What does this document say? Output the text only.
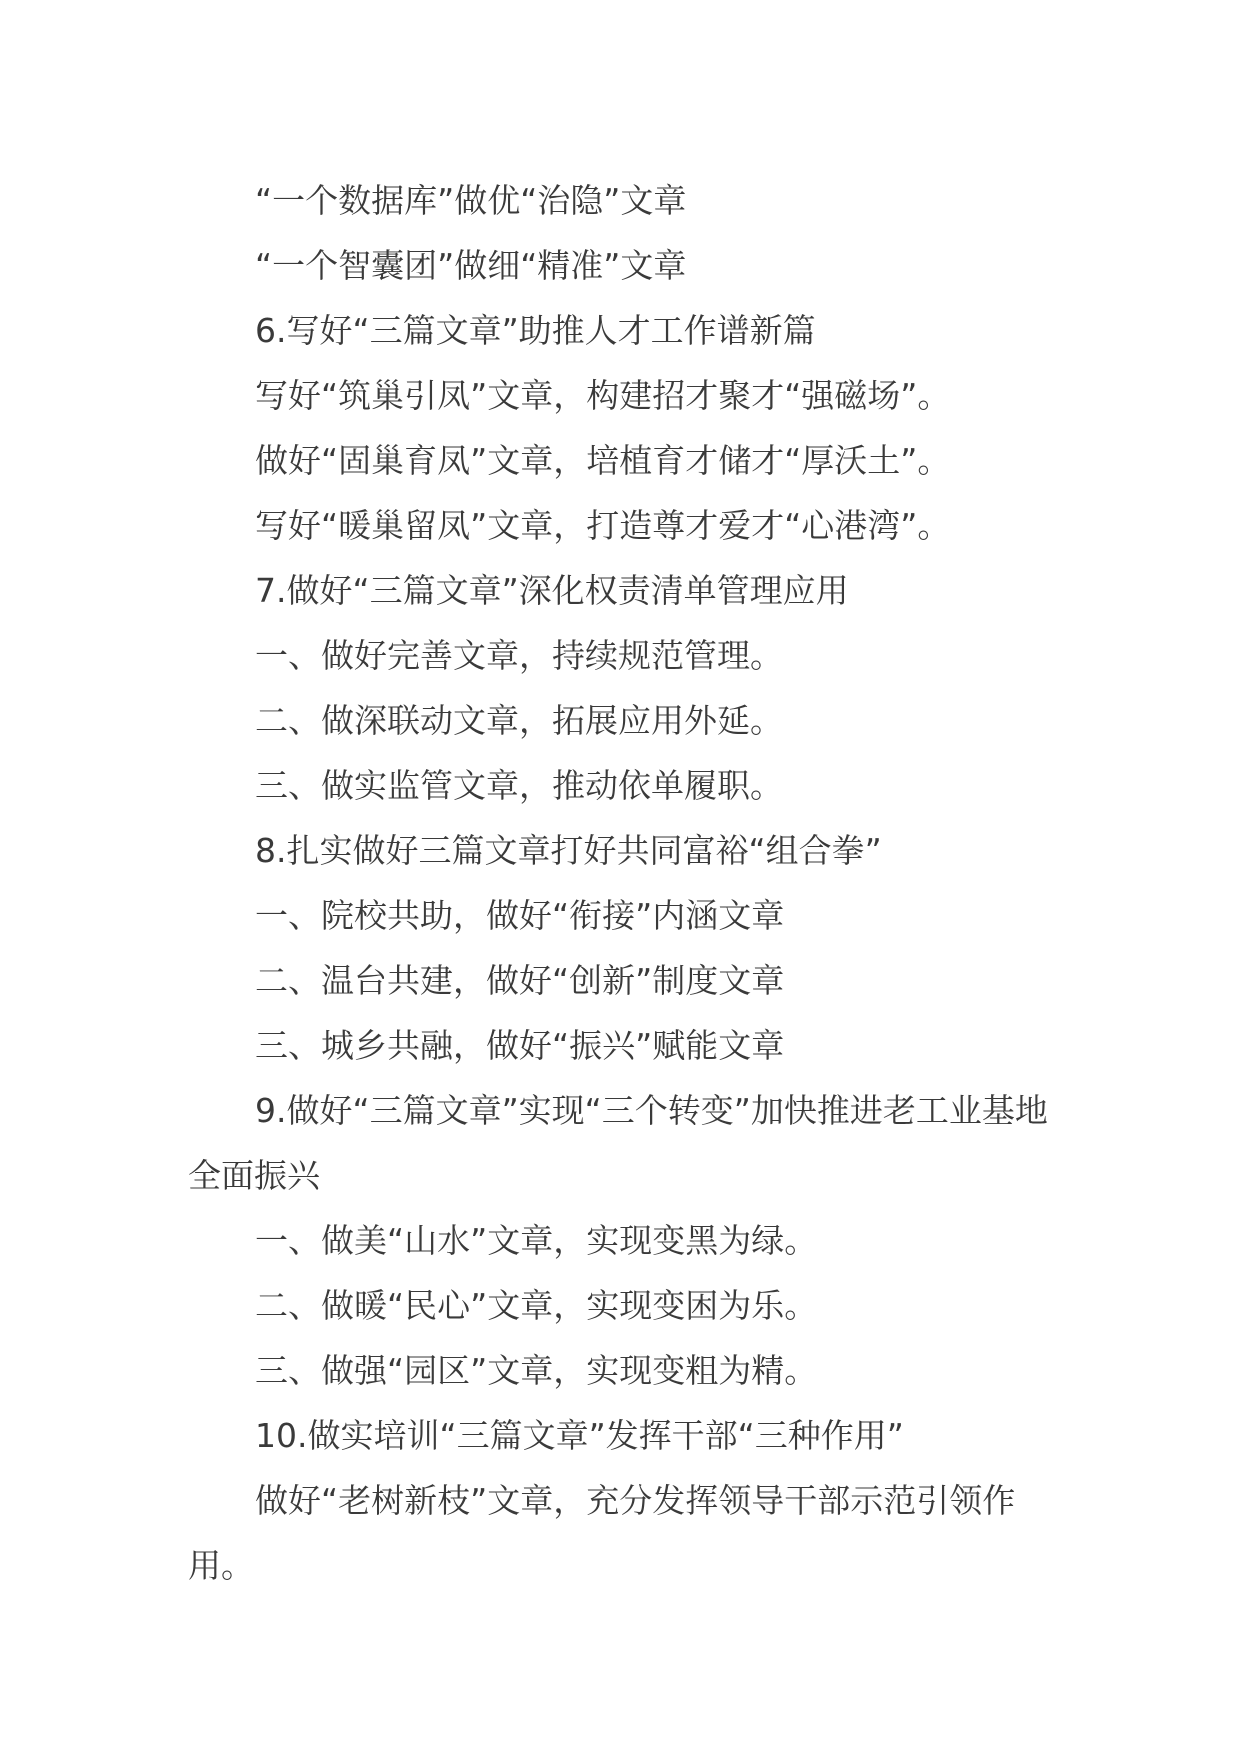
“一个数据库”做优“治隐”文章

“一个智囊团”做细“精准”文章

6.写好“三篇文章”助推人才工作谱新篇

写好“筑巢引凤”文章，构建招才聚才“强磁场”。

做好“固巢育凤”文章，培植育才储才“厚沃土”。

写好“暖巢留凤”文章，打造尊才爱才“心港湾”。

7.做好“三篇文章”深化权责清单管理应用

一、做好完善文章，持续规范管理。

二、做深联动文章，拓展应用外延。

三、做实监管文章，推动依单履职。

8.扎实做好三篇文章打好共同富裕“组合拳”

一、院校共助，做好“衔接”内涵文章

二、温台共建，做好“创新”制度文章

三、城乡共融，做好“振兴”赋能文章

9.做好“三篇文章”实现“三个转变”加快推进老工业基地全面振兴

一、做美“山水”文章，实现变黑为绿。

二、做暖“民心”文章，实现变困为乐。

三、做强“园区”文章，实现变粗为精。

10.做实培训“三篇文章”发挥干部“三种作用”

做好“老树新枝”文章，充分发挥领导干部示范引领作用。
